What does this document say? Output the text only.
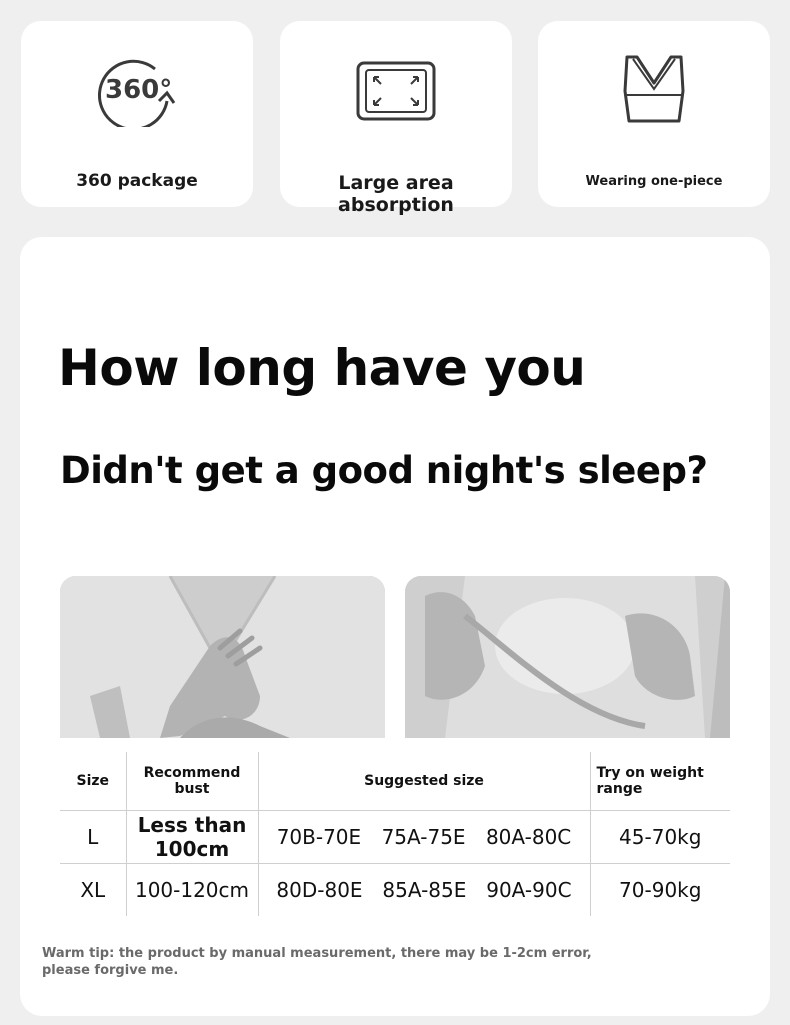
360°
360 package	Large area absorption
Wearing one-piece
How long have you
Didn't get a good night's sleep?
Size	Recommend bust	Suggested size	Try on weight range
L	Less than 100cm	70B-70E 75A-75E 80A-80C	45-70kg
XL	100-120cm	80D-80E 85A-85E 90A-90C	70-90kg
Warm tip: the product by manual measurement, there may be 1-2cm error, please forgive me.
